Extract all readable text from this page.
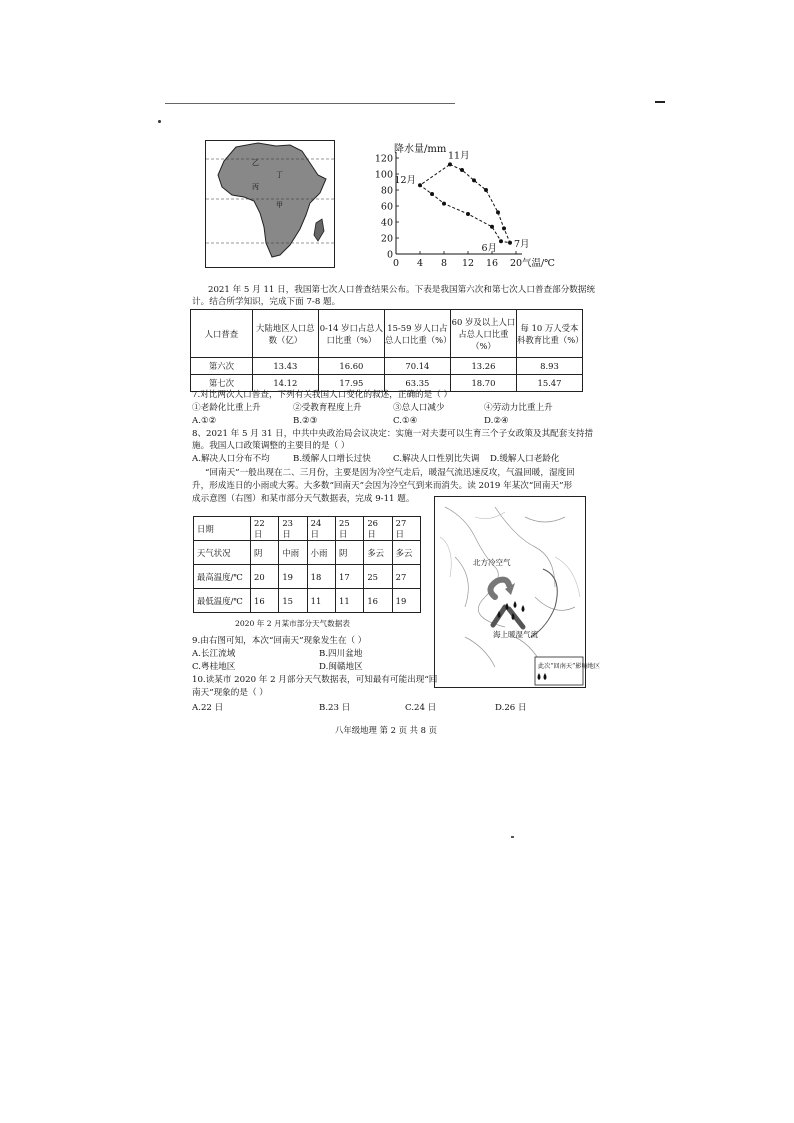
乙
丙
丁
甲
降水量/mm
0
20
40
60
80
100
120
0 4 8 12 16 20 气温/℃
11月
12月
7月
6月
2021 年 5 月 11 日，我国第七次人口普查结果公布。下表是我国第六次和第七次人口普查部分数据统
计。结合所学知识，完成下面 7-8 题。
人口普查	大陆地区人口总数（亿）	0-14 岁口占总人口比重（%）	15-59 岁人口占总人口比重（%）	60 岁及以上人口占总人口比重（%）	每 10 万人受本科教育比重（%）
第六次	13.43	16.60	70.14	13.26	8.93
第七次	14.12	17.95	63.35	18.70	15.47
7.对比两次人口普查，下列有关我国人口变化的叙述，正确的是（ ）
①老龄化比重上升	②受教育程度上升	③总人口减少	④劳动力比重上升
A.①②	B.②③	C.①④	D.②④
8、2021 年 5 月 31 日，中共中央政治局会议决定：实施一对夫妻可以生育三个子女政策及其配套支持措
施。我国人口政策调整的主要目的是（ ）
A.解决人口分布不均	B.缓解人口增长过快	C.解决人口性别比失调 D.缓解人口老龄化
“回南天”一般出现在二、三月份，主要是因为冷空气走后，暖湿气流迅速反攻，气温回暖，湿度回
升，形成连日的小雨或大雾。大多数“回南天”会因为冷空气到来而消失。读 2019 年某次“回南天”形
成示意图（右图）和某市部分天气数据表，完成 9-11 题。
日期	22 日	23 日	24 日	25 日	26 日	27 日
天气状况	阴	中雨	小雨	阴	多云	多云
最高温度/℃	20	19	18	17	25	27
最低温度/℃	16	15	11	11	16	19
2020 年 2 月某市部分天气数据表
北方冷空气
海上暖湿气流
此次“回南天”影响地区
9.由右图可知，本次“回南天”现象发生在（ ）
A.长江流域	B.四川盆地
C.粤桂地区	D.闽赣地区
10.读某市 2020 年 2 月部分天气数据表，可知最有可能出现“回
南天”现象的是（ ）
A.22 日	B.23 日	C.24 日	D.26 日
八年级地理 第 2 页 共 8 页
